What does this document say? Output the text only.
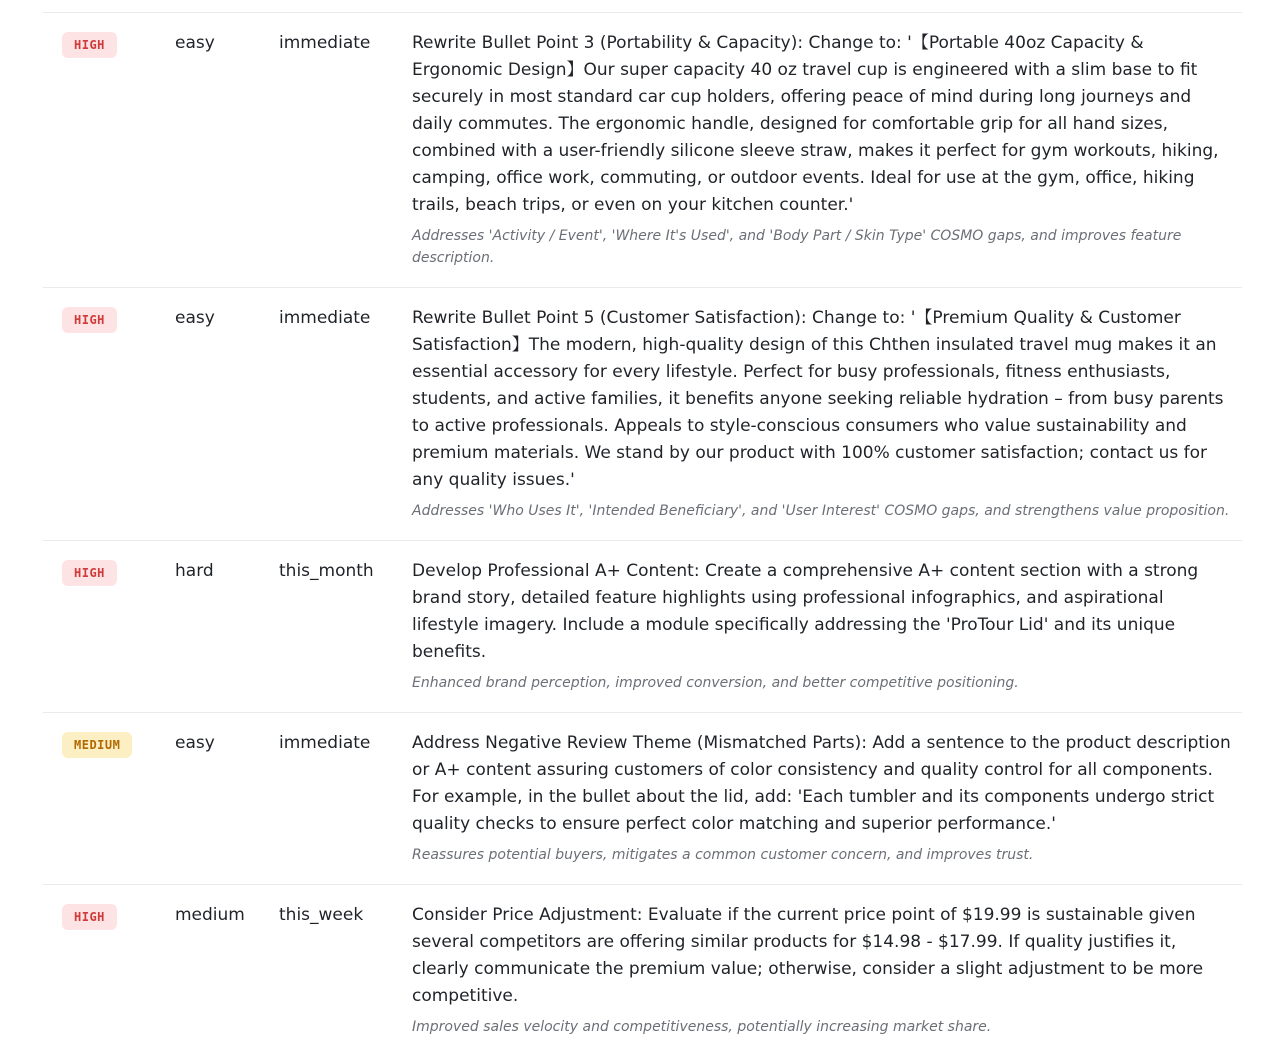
HIGH	easy	immediate	Rewrite Bullet Point 3 (Portability & Capacity): Change to: '【Portable 40oz Capacity & Ergonomic Design】Our super capacity 40 oz travel cup is engineered with a slim base to fit securely in most standard car cup holders, offering peace of mind during long journeys and daily commutes. The ergonomic handle, designed for comfortable grip for all hand sizes, combined with a user-friendly silicone sleeve straw, makes it perfect for gym workouts, hiking, camping, office work, commuting, or outdoor events. Ideal for use at the gym, office, hiking trails, beach trips, or even on your kitchen counter.'

Addresses 'Activity / Event', 'Where It's Used', and 'Body Part / Skin Type' COSMO gaps, and improves feature description.

HIGH	easy	immediate	Rewrite Bullet Point 5 (Customer Satisfaction): Change to: '【Premium Quality & Customer Satisfaction】The modern, high-quality design of this Chthen insulated travel mug makes it an essential accessory for every lifestyle. Perfect for busy professionals, fitness enthusiasts, students, and active families, it benefits anyone seeking reliable hydration – from busy parents to active professionals. Appeals to style-conscious consumers who value sustainability and premium materials. We stand by our product with 100% customer satisfaction; contact us for any quality issues.'

Addresses 'Who Uses It', 'Intended Beneficiary', and 'User Interest' COSMO gaps, and strengthens value proposition.

HIGH	hard	this_month	Develop Professional A+ Content: Create a comprehensive A+ content section with a strong brand story, detailed feature highlights using professional infographics, and aspirational lifestyle imagery. Include a module specifically addressing the 'ProTour Lid' and its unique benefits.

Enhanced brand perception, improved conversion, and better competitive positioning.

MEDIUM	easy	immediate	Address Negative Review Theme (Mismatched Parts): Add a sentence to the product description or A+ content assuring customers of color consistency and quality control for all components. For example, in the bullet about the lid, add: 'Each tumbler and its components undergo strict quality checks to ensure perfect color matching and superior performance.'

Reassures potential buyers, mitigates a common customer concern, and improves trust.

HIGH	medium	this_week	Consider Price Adjustment: Evaluate if the current price point of $19.99 is sustainable given several competitors are offering similar products for $14.98 - $17.99. If quality justifies it, clearly communicate the premium value; otherwise, consider a slight adjustment to be more competitive.

Improved sales velocity and competitiveness, potentially increasing market share.
